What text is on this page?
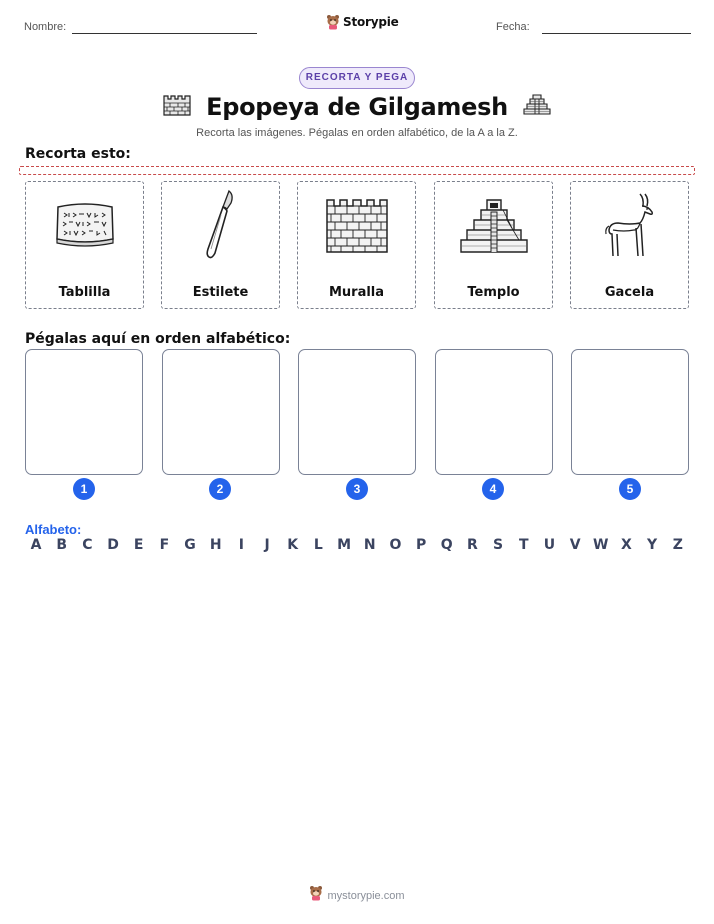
Nombre:	Storypie	Fecha:
RECORTA Y PEGA
Epopeya de Gilgamesh
Recorta las imágenes. Pégalas en orden alfabético, de la A a la Z.
Recorta esto:
Tablilla	Estilete	Muralla	Templo	Gacela
Pégalas aquí en orden alfabético:
1	2	3	4	5
Alfabeto:
A B C D	E	F	G H	I	J	K	L	M N O P Q R S	T	U V W X Y Z
mystorypie.com
